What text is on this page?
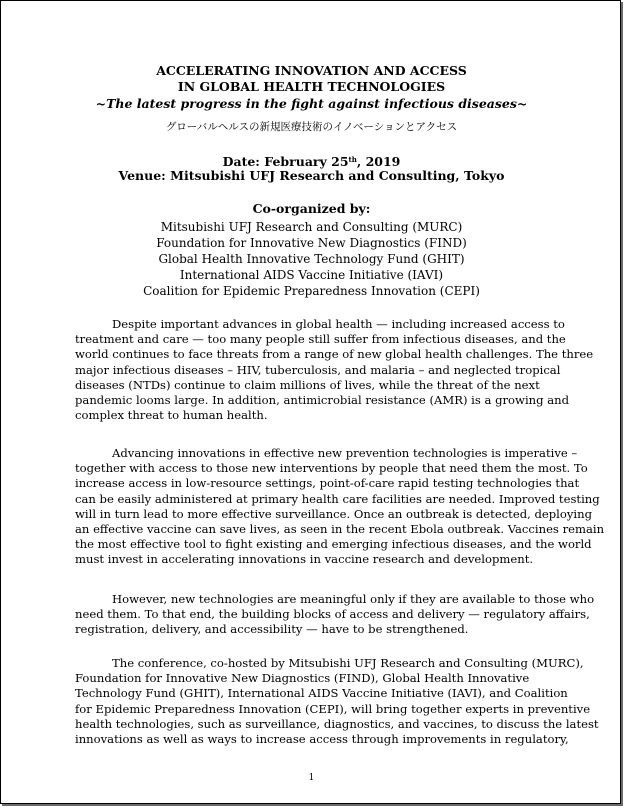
ACCELERATING INNOVATION AND ACCESS
IN GLOBAL HEALTH TECHNOLOGIES
~The latest progress in the fight against infectious diseases~
グローバルヘルスの新規医療技術のイノベーションとアクセス
Date: February 25th, 2019
Venue: Mitsubishi UFJ Research and Consulting, Tokyo
Co-organized by:
Mitsubishi UFJ Research and Consulting (MURC)
Foundation for Innovative New Diagnostics (FIND)
Global Health Innovative Technology Fund (GHIT)
International AIDS Vaccine Initiative (IAVI)
Coalition for Epidemic Preparedness Innovation (CEPI)
Despite important advances in global health — including increased access to
treatment and care — too many people still suffer from infectious diseases, and the
world continues to face threats from a range of new global health challenges. The three
major infectious diseases – HIV, tuberculosis, and malaria – and neglected tropical
diseases (NTDs) continue to claim millions of lives, while the threat of the next
pandemic looms large. In addition, antimicrobial resistance (AMR) is a growing and
complex threat to human health.
Advancing innovations in effective new prevention technologies is imperative –
together with access to those new interventions by people that need them the most. To
increase access in low-resource settings, point-of-care rapid testing technologies that
can be easily administered at primary health care facilities are needed. Improved testing
will in turn lead to more effective surveillance. Once an outbreak is detected, deploying
an effective vaccine can save lives, as seen in the recent Ebola outbreak. Vaccines remain
the most effective tool to fight existing and emerging infectious diseases, and the world
must invest in accelerating innovations in vaccine research and development.
However, new technologies are meaningful only if they are available to those who
need them. To that end, the building blocks of access and delivery — regulatory affairs,
registration, delivery, and accessibility — have to be strengthened.
The conference, co-hosted by Mitsubishi UFJ Research and Consulting (MURC),
Foundation for Innovative New Diagnostics (FIND), Global Health Innovative
Technology Fund (GHIT), International AIDS Vaccine Initiative (IAVI), and Coalition
for Epidemic Preparedness Innovation (CEPI), will bring together experts in preventive
health technologies, such as surveillance, diagnostics, and vaccines, to discuss the latest
innovations as well as ways to increase access through improvements in regulatory,
1
